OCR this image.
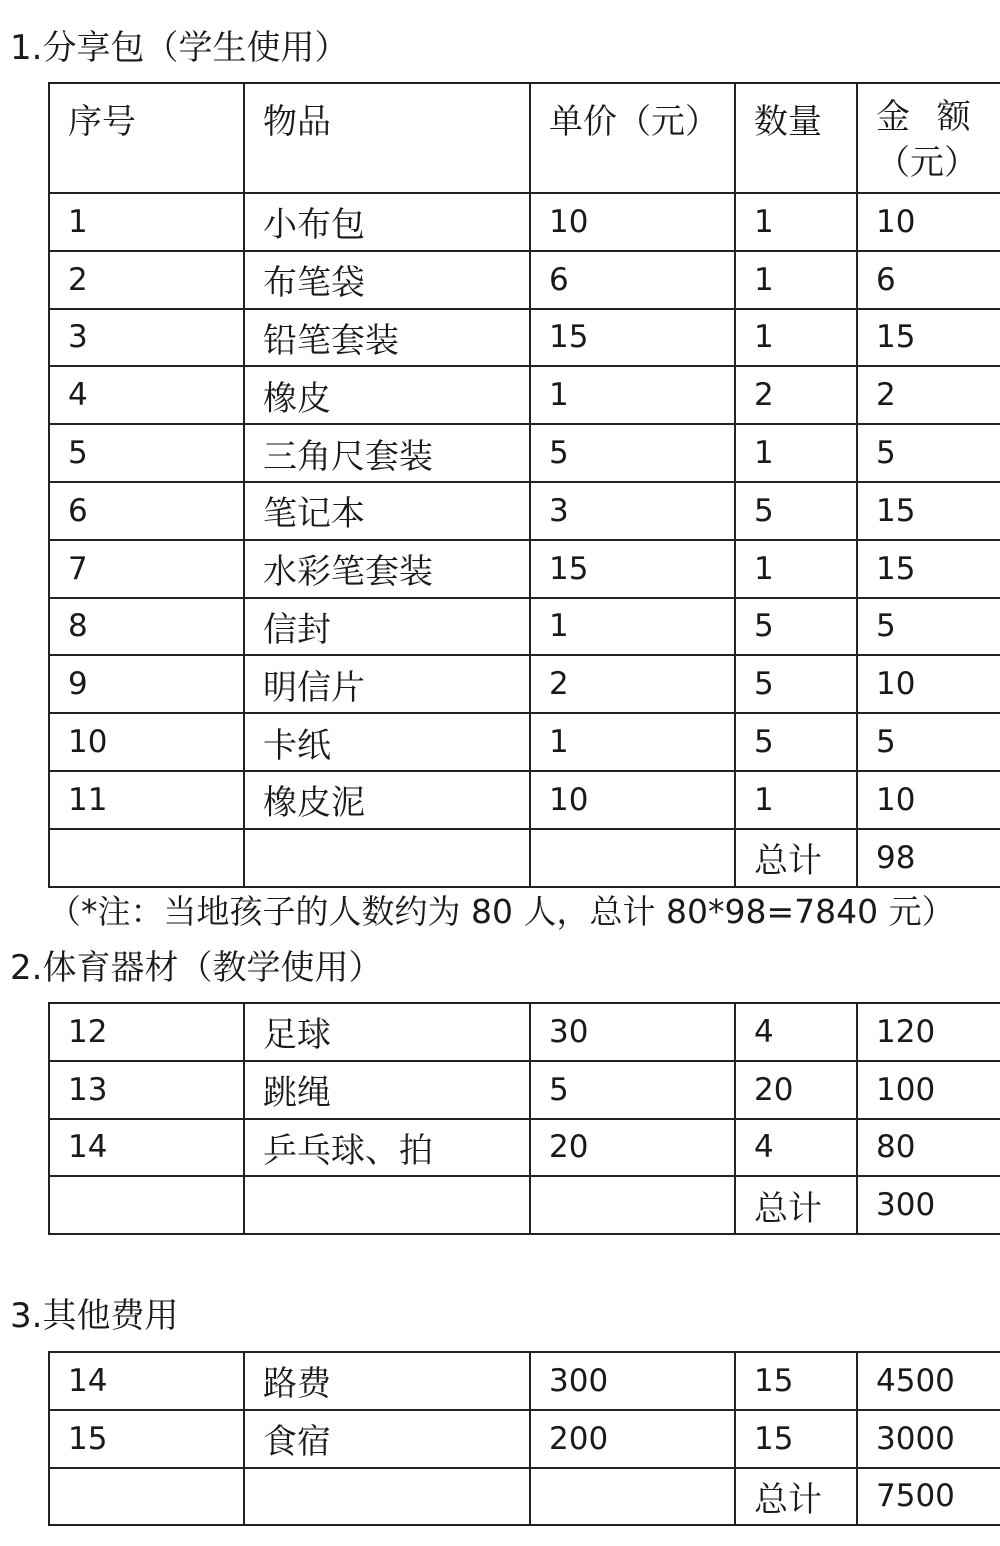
1.分享包（学生使用）
序号	物品	单价（元）	数量	金 额
（元）

1	小布包	10	1	10
2	布笔袋	6	1	6
3	铅笔套装	15	1	15
4	橡皮	1	2	2
5	三角尺套装	5	1	5
6	笔记本	3	5	15
7	水彩笔套装	15	1	15
8	信封	1	5	5
9	明信片	2	5	10
10	卡纸	1	5	5
11	橡皮泥	10	1	10
			总计	98
（*注：当地孩子的人数约为 80 人，总计 80*98=7840 元）
2.体育器材（教学使用）
12	足球	30	4	120
13	跳绳	5	20	100
14	乒乓球、拍	20	4	80
			总计	300
3.其他费用
14	路费	300	15	4500
15	食宿	200	15	3000
			总计	7500
